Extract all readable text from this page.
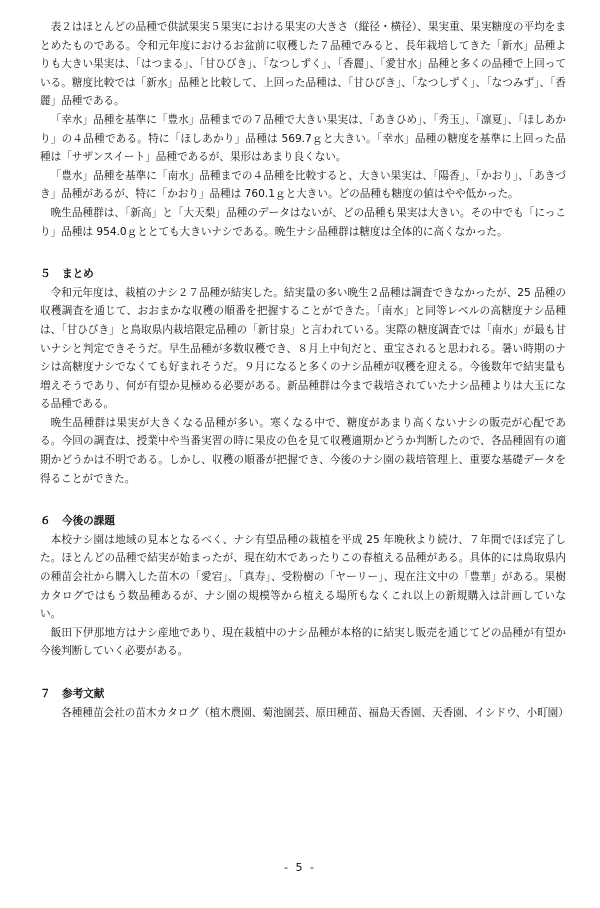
表２はほとんどの品種で供試果実５果実における果実の大きさ（縦径・横径）、果実重、果実糖度の平均をまとめたものである。令和元年度におけるお盆前に収穫した７品種でみると、長年栽培してきた「新水」品種よりも大きい果実は、「はつまる」、「甘ひびき」、「なつしずく」、「香麗」、「愛甘水」品種と多くの品種で上回っている。糖度比較では「新水」品種と比較して、上回った品種は、「甘ひびき」、「なつしずく」、「なつみず」、「香麗」品種である。

「幸水」品種を基準に「豊水」品種までの７品種で大きい果実は、「あきひめ」、「秀玉」、「凛夏」、「ほしあかり」の４品種である。特に「ほしあかり」品種は 569.7ｇと大きい。「幸水」品種の糖度を基準に上回った品種は「サザンスイート」品種であるが、果形はあまり良くない。

「豊水」品種を基準に「南水」品種までの４品種を比較すると、大きい果実は、「陽香」、「かおり」、「あきづき」品種があるが、特に「かおり」品種は 760.1ｇと大きい。どの品種も糖度の値はやや低かった。

晩生品種群は、「新高」と「大天梨」品種のデータはないが、どの品種も果実は大きい。その中でも「にっこり」品種は 954.0ｇととても大きいナシである。晩生ナシ品種群は糖度は全体的に高くなかった。

５ まとめ

令和元年度は、栽植のナシ２７品種が結実した。結実量の多い晩生２品種は調査できなかったが、25 品種の収穫調査を通じて、おおまかな収穫の順番を把握することができた。「南水」と同等レベルの高糖度ナシ品種は、「甘ひびき」と鳥取県内栽培限定品種の「新甘泉」と言われている。実際の糖度調査では「南水」が最も甘いナシと判定できそうだ。早生品種が多数収穫でき、８月上中旬だと、重宝されると思われる。暑い時期のナシは高糖度ナシでなくても好まれそうだ。９月になると多くのナシ品種が収穫を迎える。今後数年で結実量も増えそうであり、何が有望か見極める必要がある。新品種群は今まで栽培されていたナシ品種よりは大玉になる品種である。

晩生品種群は果実が大きくなる品種が多い。寒くなる中で、糖度があまり高くないナシの販売が心配である。今回の調査は、授業中や当番実習の時に果皮の色を見て収穫適期かどうか判断したので、各品種固有の適期かどうかは不明である。しかし、収穫の順番が把握でき、今後のナシ園の栽培管理上、重要な基礎データを得ることができた。

６ 今後の課題

本校ナシ園は地域の見本となるべく、ナシ有望品種の栽植を平成 25 年晩秋より続け、７年間でほぼ完了した。ほとんどの品種で結実が始まったが、現在幼木であったりこの春植える品種がある。具体的には鳥取県内の種苗会社から購入した苗木の「愛宕」、「真寿」、受粉樹の「ヤーリー」、現在注文中の「豊華」がある。果樹カタログではもう数品種あるが、ナシ園の規模等から植える場所もなくこれ以上の新規購入は計画していない。

飯田下伊那地方はナシ産地であり、現在栽植中のナシ品種が本格的に結実し販売を通じてどの品種が有望か今後判断していく必要がある。

７ 参考文献

各種種苗会社の苗木カタログ（植木農園、菊池園芸、原田種苗、福島天香園、天香園、イシドウ、小町園）

- 5 -
